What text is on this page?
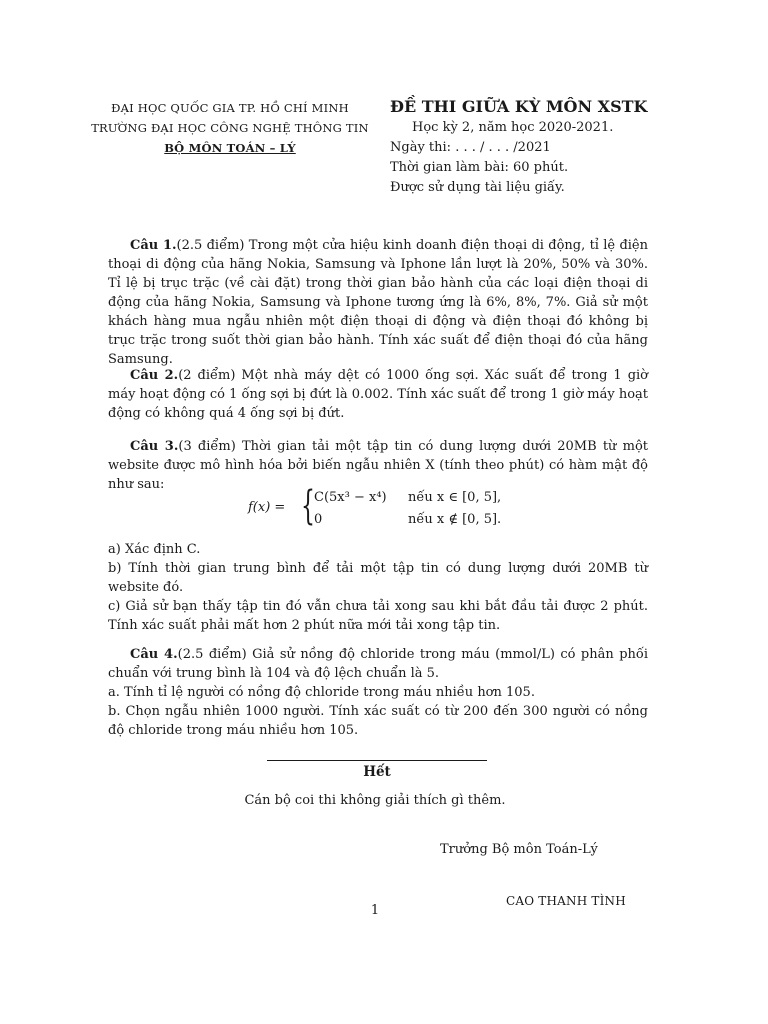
ĐẠI HỌC QUỐC GIA TP. HỒ CHÍ MINH
TRƯỜNG ĐẠI HỌC CÔNG NGHỆ THÔNG TIN
BỘ MÔN TOÁN – LÝ
ĐỀ THI GIỮA KỲ MÔN XSTK
Học kỳ 2, năm học 2020-2021.
Ngày thi: . . . / . . . /2021
Thời gian làm bài: 60 phút.
Được sử dụng tài liệu giấy.
Câu 1.(2.5 điểm) Trong một cửa hiệu kinh doanh điện thoại di động, tỉ lệ điện thoại di động của hãng Nokia, Samsung và Iphone lần lượt là 20%, 50% và 30%. Tỉ lệ bị trục trặc (về cài đặt) trong thời gian bảo hành của các loại điện thoại di động của hãng Nokia, Samsung và Iphone tương ứng là 6%, 8%, 7%. Giả sử một khách hàng mua ngẫu nhiên một điện thoại di động và điện thoại đó không bị trục trặc trong suốt thời gian bảo hành. Tính xác suất để điện thoại đó của hãng Samsung.
Câu 2.(2 điểm) Một nhà máy dệt có 1000 ống sợi. Xác suất để trong 1 giờ máy hoạt động có 1 ống sợi bị đứt là 0.002. Tính xác suất để trong 1 giờ máy hoạt động có không quá 4 ống sợi bị đứt.
Câu 3.(3 điểm) Thời gian tải một tập tin có dung lượng dưới 20MB từ một website được mô hình hóa bởi biến ngẫu nhiên X (tính theo phút) có hàm mật độ như sau:
f(x) = { C(5x³ − x⁴) nếu x ∈ [0, 5],
0	nếu x ∉ [0, 5].
a) Xác định C.
b) Tính thời gian trung bình để tải một tập tin có dung lượng dưới 20MB từ website đó.
c) Giả sử bạn thấy tập tin đó vẫn chưa tải xong sau khi bắt đầu tải được 2 phút. Tính xác suất phải mất hơn 2 phút nữa mới tải xong tập tin.
Câu 4.(2.5 điểm) Giả sử nồng độ chloride trong máu (mmol/L) có phân phối chuẩn với trung bình là 104 và độ lệch chuẩn là 5.
a. Tính tỉ lệ người có nồng độ chloride trong máu nhiều hơn 105.
b. Chọn ngẫu nhiên 1000 người. Tính xác suất có từ 200 đến 300 người có nồng độ chloride trong máu nhiều hơn 105.
Hết
Cán bộ coi thi không giải thích gì thêm.
Trưởng Bộ môn Toán-Lý
1
CAO THANH TÌNH
